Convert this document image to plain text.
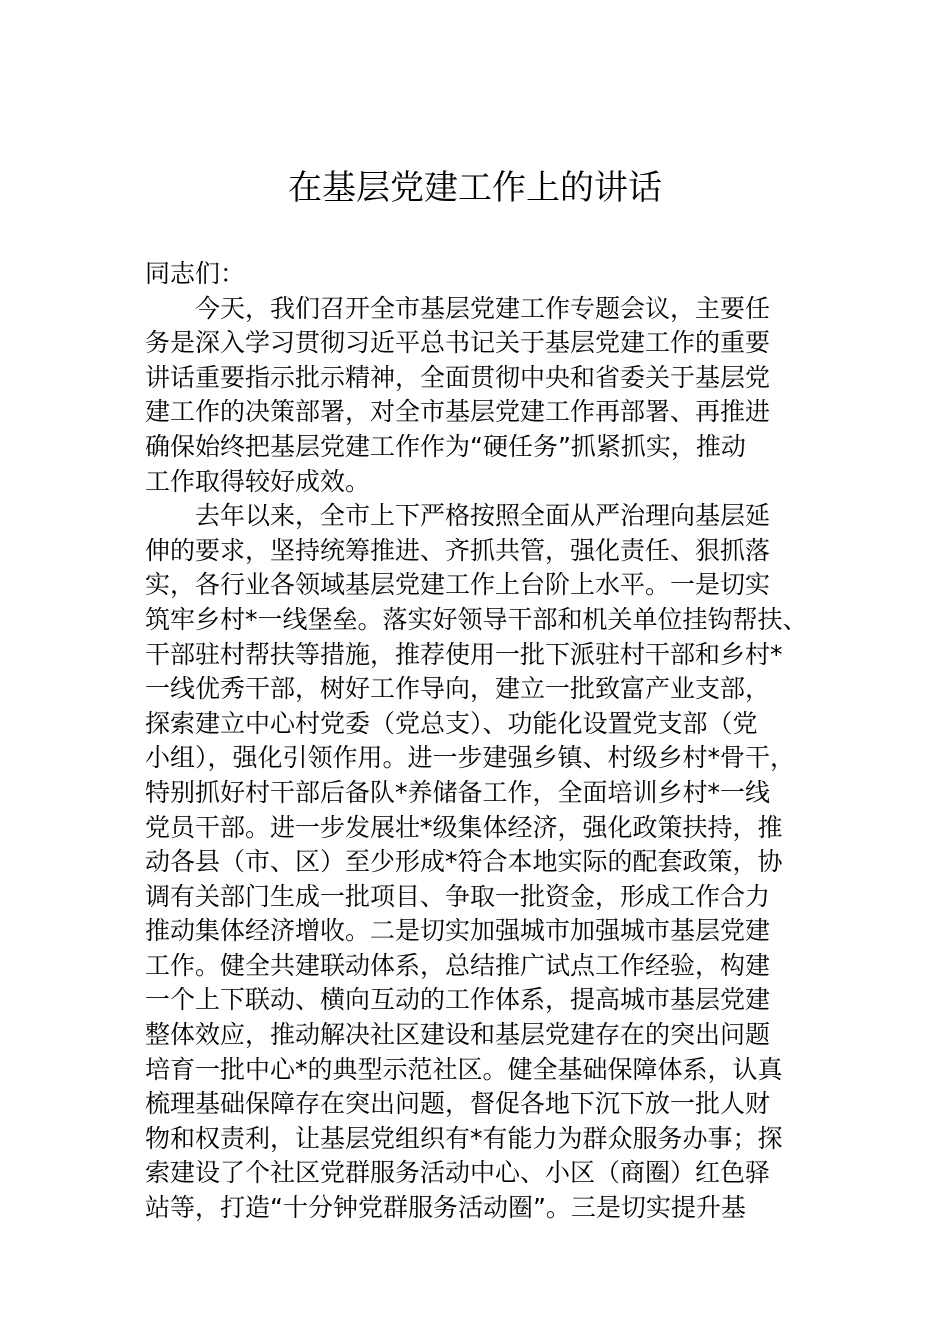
在基层党建工作上的讲话
同志们：
今天，我们召开全市基层党建工作专题会议，主要任
务是深入学习贯彻习近平总书记关于基层党建工作的重要
讲话重要指示批示精神，全面贯彻中央和省委关于基层党
建工作的决策部署，对全市基层党建工作再部署、再推进
确保始终把基层党建工作作为“硬任务”抓紧抓实，推动
工作取得较好成效。
去年以来，全市上下严格按照全面从严治理向基层延
伸的要求，坚持统筹推进、齐抓共管，强化责任、狠抓落
实，各行业各领域基层党建工作上台阶上水平。一是切实
筑牢乡村*一线堡垒。落实好领导干部和机关单位挂钩帮扶、
干部驻村帮扶等措施，推荐使用一批下派驻村干部和乡村*
一线优秀干部，树好工作导向，建立一批致富产业支部，
探索建立中心村党委（党总支）、功能化设置党支部（党
小组），强化引领作用。进一步建强乡镇、村级乡村*骨干，
特别抓好村干部后备队*养储备工作，全面培训乡村*一线
党员干部。进一步发展壮*级集体经济，强化政策扶持，推
动各县（市、区）至少形成*符合本地实际的配套政策，协
调有关部门生成一批项目、争取一批资金，形成工作合力
推动集体经济增收。二是切实加强城市加强城市基层党建
工作。健全共建联动体系，总结推广试点工作经验，构建
一个上下联动、横向互动的工作体系，提高城市基层党建
整体效应，推动解决社区建设和基层党建存在的突出问题
培育一批中心*的典型示范社区。健全基础保障体系，认真
梳理基础保障存在突出问题，督促各地下沉下放一批人财
物和权责利，让基层党组织有*有能力为群众服务办事；探
索建设了个社区党群服务活动中心、小区（商圈）红色驿
站等，打造“十分钟党群服务活动圈”。三是切实提升基
